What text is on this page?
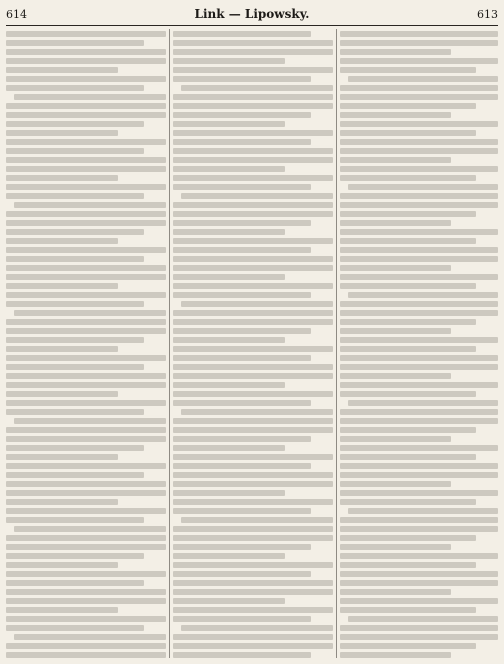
614	Link — Lipowsky.	613
